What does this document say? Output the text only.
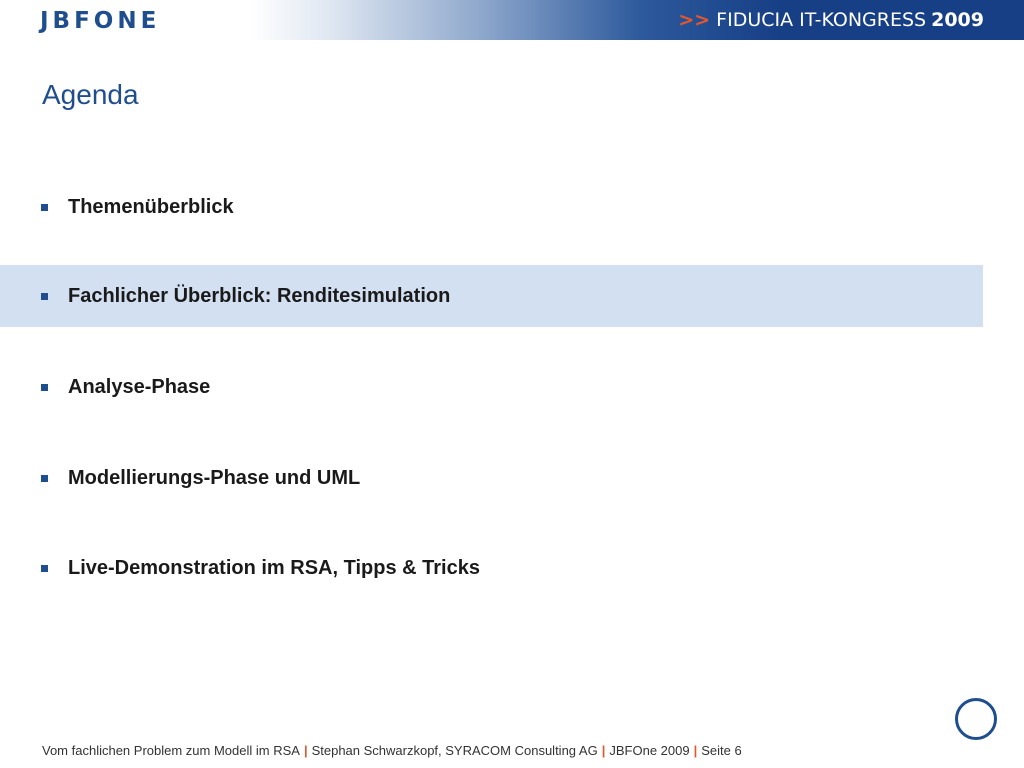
JBFONE	>> FIDUCIA IT-KONGRESS 2009
Agenda
Themenüberblick
Fachlicher Überblick: Renditesimulation
Analyse-Phase
Modellierungs-Phase und UML
Live-Demonstration im RSA, Tipps & Tricks
Vom fachlichen Problem zum Modell im RSA | Stephan Schwarzkopf, SYRACOM Consulting AG | JBFOne 2009 | Seite 6
